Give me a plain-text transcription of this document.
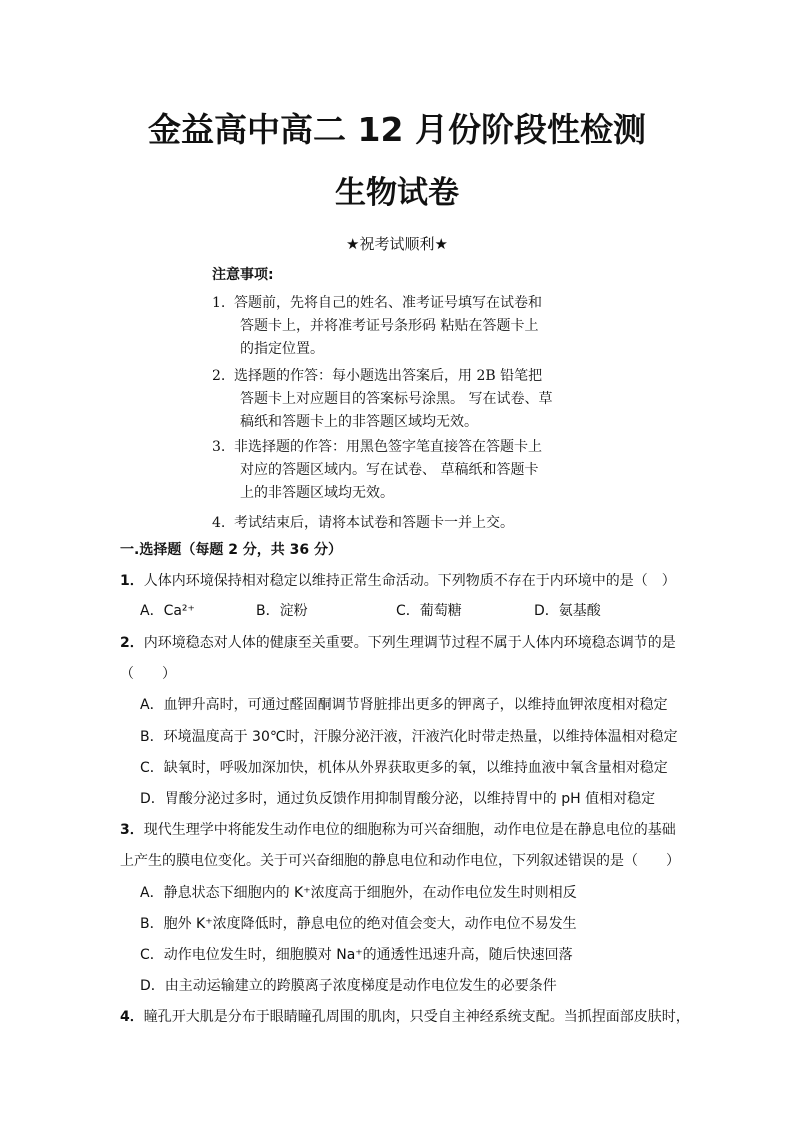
金益高中高二 12 月份阶段性检测
生物试卷
★祝考试顺利★
注意事项:
1. 答题前，先将自己的姓名、准考证号填写在试卷和
答题卡上，并将准考证号条形码 粘贴在答题卡上
的指定位置。
2. 选择题的作答：每小题选出答案后，用 2B 铅笔把
答题卡上对应题目的答案标号涂黑。 写在试卷、草
稿纸和答题卡上的非答题区域均无效。
3. 非选择题的作答：用黑色签字笔直接答在答题卡上
对应的答题区域内。写在试卷、 草稿纸和答题卡
上的非答题区域均无效。
4. 考试结束后，请将本试卷和答题卡一并上交。
一.选择题（每题 2 分，共 36 分）
1．人体内环境保持相对稳定以维持正常生命活动。下列物质不存在于内环境中的是（　）
A．Ca²⁺	B．淀粉	C．葡萄糖	D．氨基酸
2．内环境稳态对人体的健康至关重要。下列生理调节过程不属于人体内环境稳态调节的是
（　　）
A．血钾升高时，可通过醛固酮调节肾脏排出更多的钾离子，以维持血钾浓度相对稳定
B．环境温度高于 30℃时，汗腺分泌汗液，汗液汽化时带走热量，以维持体温相对稳定
C．缺氧时，呼吸加深加快，机体从外界获取更多的氧，以维持血液中氧含量相对稳定
D．胃酸分泌过多时，通过负反馈作用抑制胃酸分泌，以维持胃中的 pH 值相对稳定
3．现代生理学中将能发生动作电位的细胞称为可兴奋细胞，动作电位是在静息电位的基础
上产生的膜电位变化。关于可兴奋细胞的静息电位和动作电位，下列叙述错误的是（　　）
A．静息状态下细胞内的 K⁺浓度高于细胞外，在动作电位发生时则相反
B．胞外 K⁺浓度降低时，静息电位的绝对值会变大，动作电位不易发生
C．动作电位发生时，细胞膜对 Na⁺的通透性迅速升高，随后快速回落
D．由主动运输建立的跨膜离子浓度梯度是动作电位发生的必要条件
4．瞳孔开大肌是分布于眼睛瞳孔周围的肌肉，只受自主神经系统支配。当抓捏面部皮肤时，
